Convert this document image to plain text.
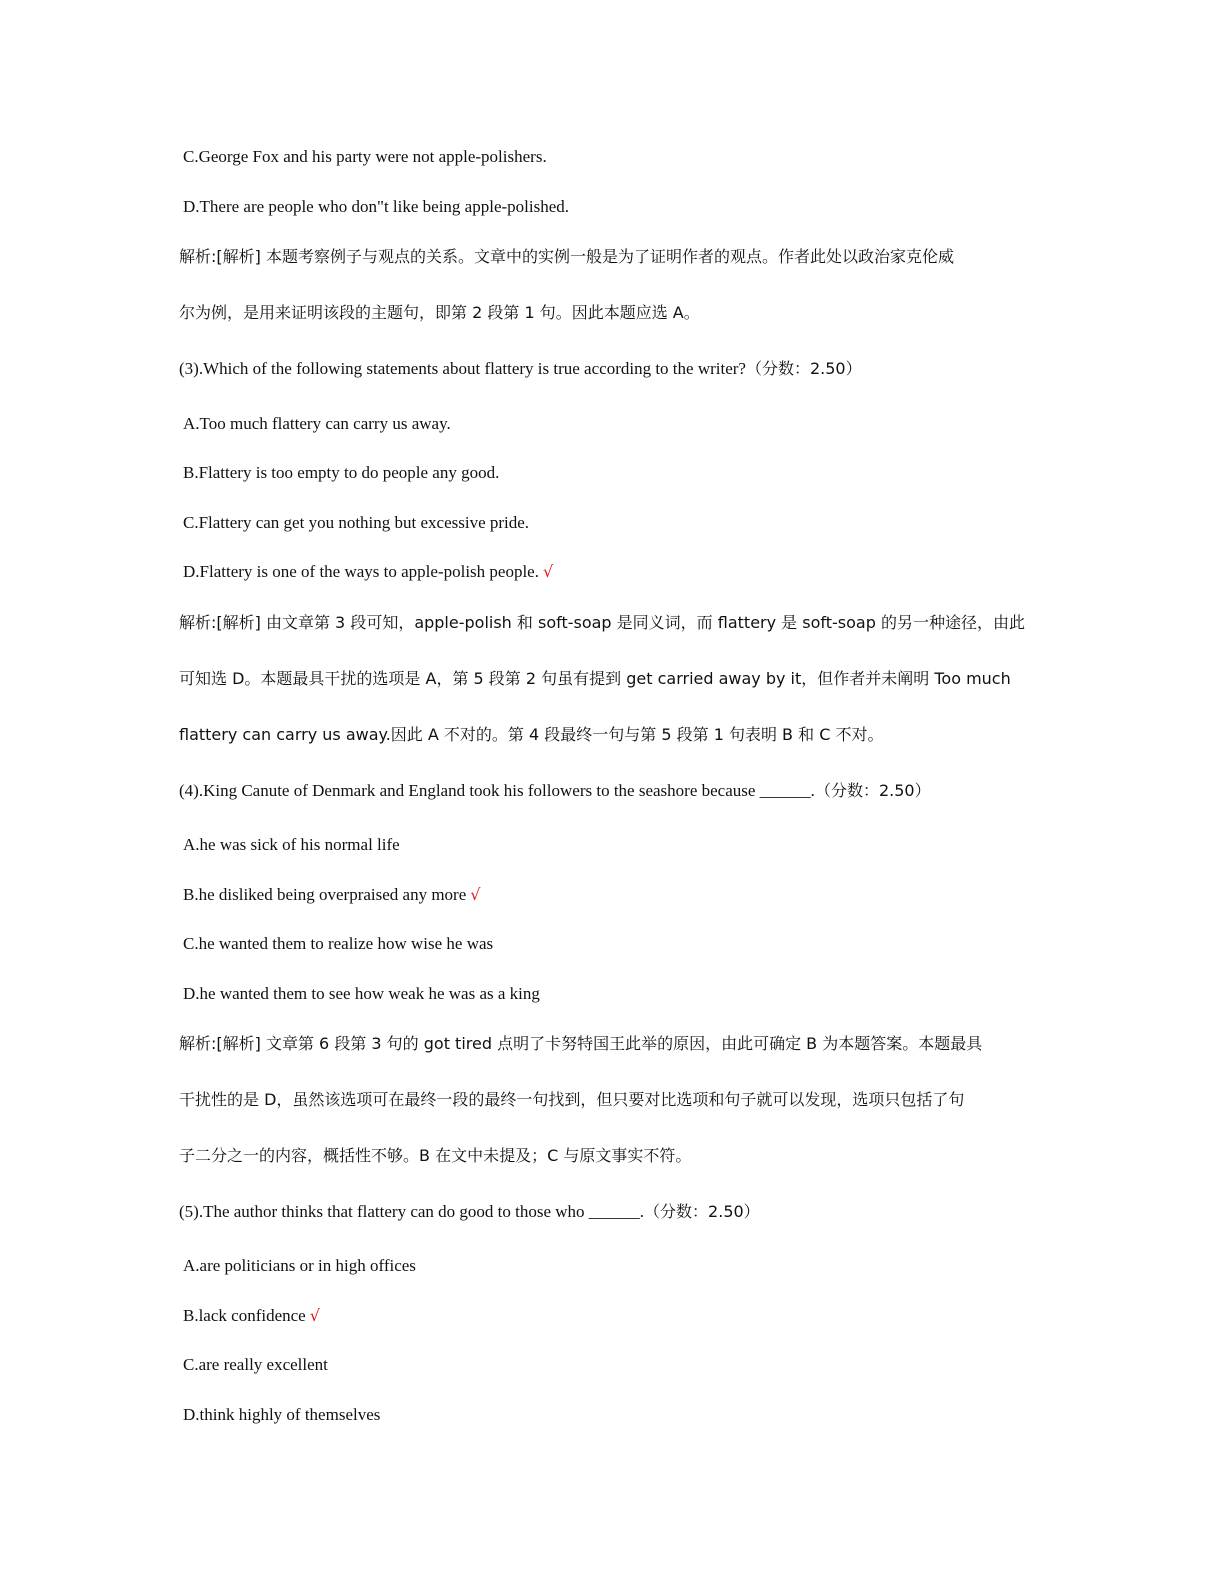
C.George Fox and his party were not apple-polishers.
D.There are people who don"t like being apple-polished.
解析:[解析] 本题考察例子与观点的关系。文章中的实例一般是为了证明作者的观点。作者此处以政治家克伦威
尔为例，是用来证明该段的主题句，即第 2 段第 1 句。因此本题应选 A。
(3).Which of the following statements about flattery is true according to the writer?（分数：2.50）
A.Too much flattery can carry us away.
B.Flattery is too empty to do people any good.
C.Flattery can get you nothing but excessive pride.
D.Flattery is one of the ways to apple-polish people. √
解析:[解析] 由文章第 3 段可知，apple-polish 和 soft-soap 是同义词，而 flattery 是 soft-soap 的另一种途径，由此
可知选 D。本题最具干扰的选项是 A，第 5 段第 2 句虽有提到 get carried away by it，但作者并未阐明 Too much
flattery can carry us away.因此 A 不对的。第 4 段最终一句与第 5 段第 1 句表明 B 和 C 不对。
(4).King Canute of Denmark and England took his followers to the seashore because ______.（分数：2.50）
A.he was sick of his normal life
B.he disliked being overpraised any more √
C.he wanted them to realize how wise he was
D.he wanted them to see how weak he was as a king
解析:[解析] 文章第 6 段第 3 句的 got tired 点明了卡努特国王此举的原因，由此可确定 B 为本题答案。本题最具
干扰性的是 D，虽然该选项可在最终一段的最终一句找到，但只要对比选项和句子就可以发现，选项只包括了句
子二分之一的内容，概括性不够。B 在文中未提及；C 与原文事实不符。
(5).The author thinks that flattery can do good to those who ______.（分数：2.50）
A.are politicians or in high offices
B.lack confidence √
C.are really excellent
D.think highly of themselves
